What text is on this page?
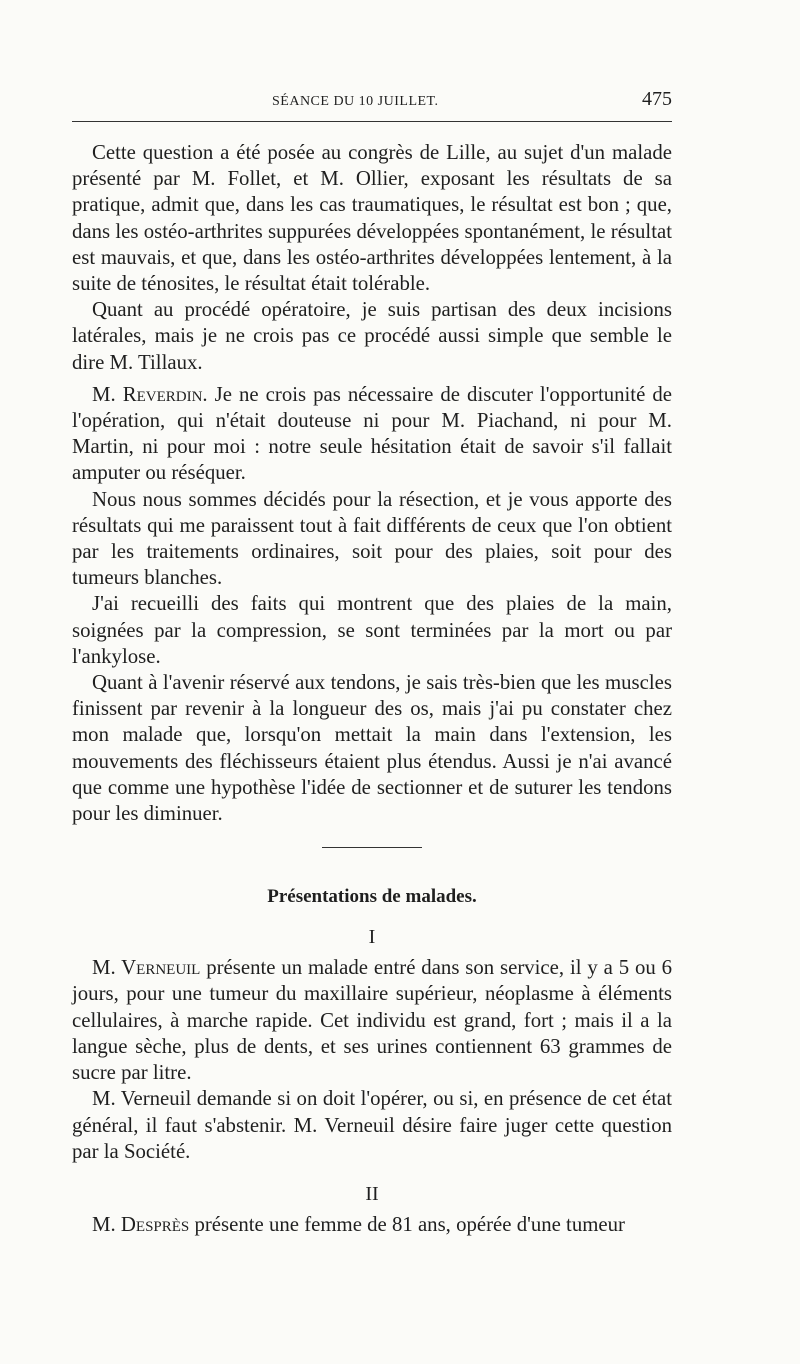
SÉANCE DU 10 JUILLET.	475

Cette question a été posée au congrès de Lille, au sujet d'un malade présenté par M. Follet, et M. Ollier, exposant les résultats de sa pratique, admit que, dans les cas traumatiques, le résultat est bon ; que, dans les ostéo-arthrites suppurées développées spontanément, le résultat est mauvais, et que, dans les ostéo-arthrites développées lentement, à la suite de ténosites, le résultat était tolérable.

Quant au procédé opératoire, je suis partisan des deux incisions latérales, mais je ne crois pas ce procédé aussi simple que semble le dire M. Tillaux.

M. Reverdin. Je ne crois pas nécessaire de discuter l'opportunité de l'opération, qui n'était douteuse ni pour M. Piachand, ni pour M. Martin, ni pour moi : notre seule hésitation était de savoir s'il fallait amputer ou réséquer.

Nous nous sommes décidés pour la résection, et je vous apporte des résultats qui me paraissent tout à fait différents de ceux que l'on obtient par les traitements ordinaires, soit pour des plaies, soit pour des tumeurs blanches.

J'ai recueilli des faits qui montrent que des plaies de la main, soignées par la compression, se sont terminées par la mort ou par l'ankylose.

Quant à l'avenir réservé aux tendons, je sais très-bien que les muscles finissent par revenir à la longueur des os, mais j'ai pu constater chez mon malade que, lorsqu'on mettait la main dans l'extension, les mouvements des fléchisseurs étaient plus étendus. Aussi je n'ai avancé que comme une hypothèse l'idée de sectionner et de suturer les tendons pour les diminuer.

Présentations de malades.
I

M. Verneuil présente un malade entré dans son service, il y a 5 ou 6 jours, pour une tumeur du maxillaire supérieur, néoplasme à éléments cellulaires, à marche rapide. Cet individu est grand, fort ; mais il a la langue sèche, plus de dents, et ses urines contiennent 63 grammes de sucre par litre.

M. Verneuil demande si on doit l'opérer, ou si, en présence de cet état général, il faut s'abstenir. M. Verneuil désire faire juger cette question par la Société.

II

M. Desprès présente une femme de 81 ans, opérée d'une tumeur
